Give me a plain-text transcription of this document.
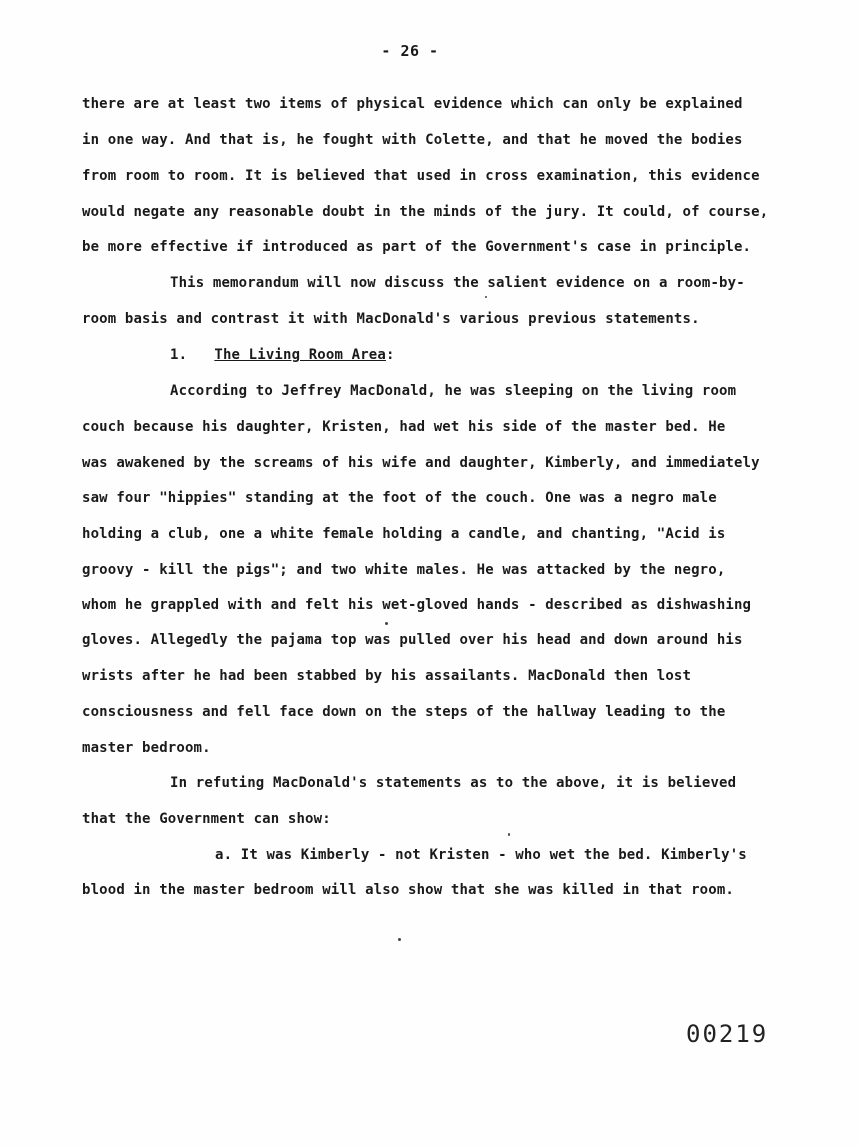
- 26 -
there are at least two items of physical evidence which can only be explained
in one way. And that is, he fought with Colette, and that he moved the bodies
from room to room. It is believed that used in cross examination, this evidence
would negate any reasonable doubt in the minds of the jury. It could, of course,
be more effective if introduced as part of the Government's case in principle.
This memorandum will now discuss the salient evidence on a room-by-
room basis and contrast it with MacDonald's various previous statements.
1. The Living Room Area:
According to Jeffrey MacDonald, he was sleeping on the living room
couch because his daughter, Kristen, had wet his side of the master bed. He
was awakened by the screams of his wife and daughter, Kimberly, and immediately
saw four "hippies" standing at the foot of the couch. One was a negro male
holding a club, one a white female holding a candle, and chanting, "Acid is
groovy - kill the pigs"; and two white males. He was attacked by the negro,
whom he grappled with and felt his wet-gloved hands - described as dishwashing
gloves. Allegedly the pajama top was pulled over his head and down around his
wrists after he had been stabbed by his assailants. MacDonald then lost
consciousness and fell face down on the steps of the hallway leading to the
master bedroom.
In refuting MacDonald's statements as to the above, it is believed
that the Government can show:
a. It was Kimberly - not Kristen - who wet the bed. Kimberly's
blood in the master bedroom will also show that she was killed in that room.
00219
